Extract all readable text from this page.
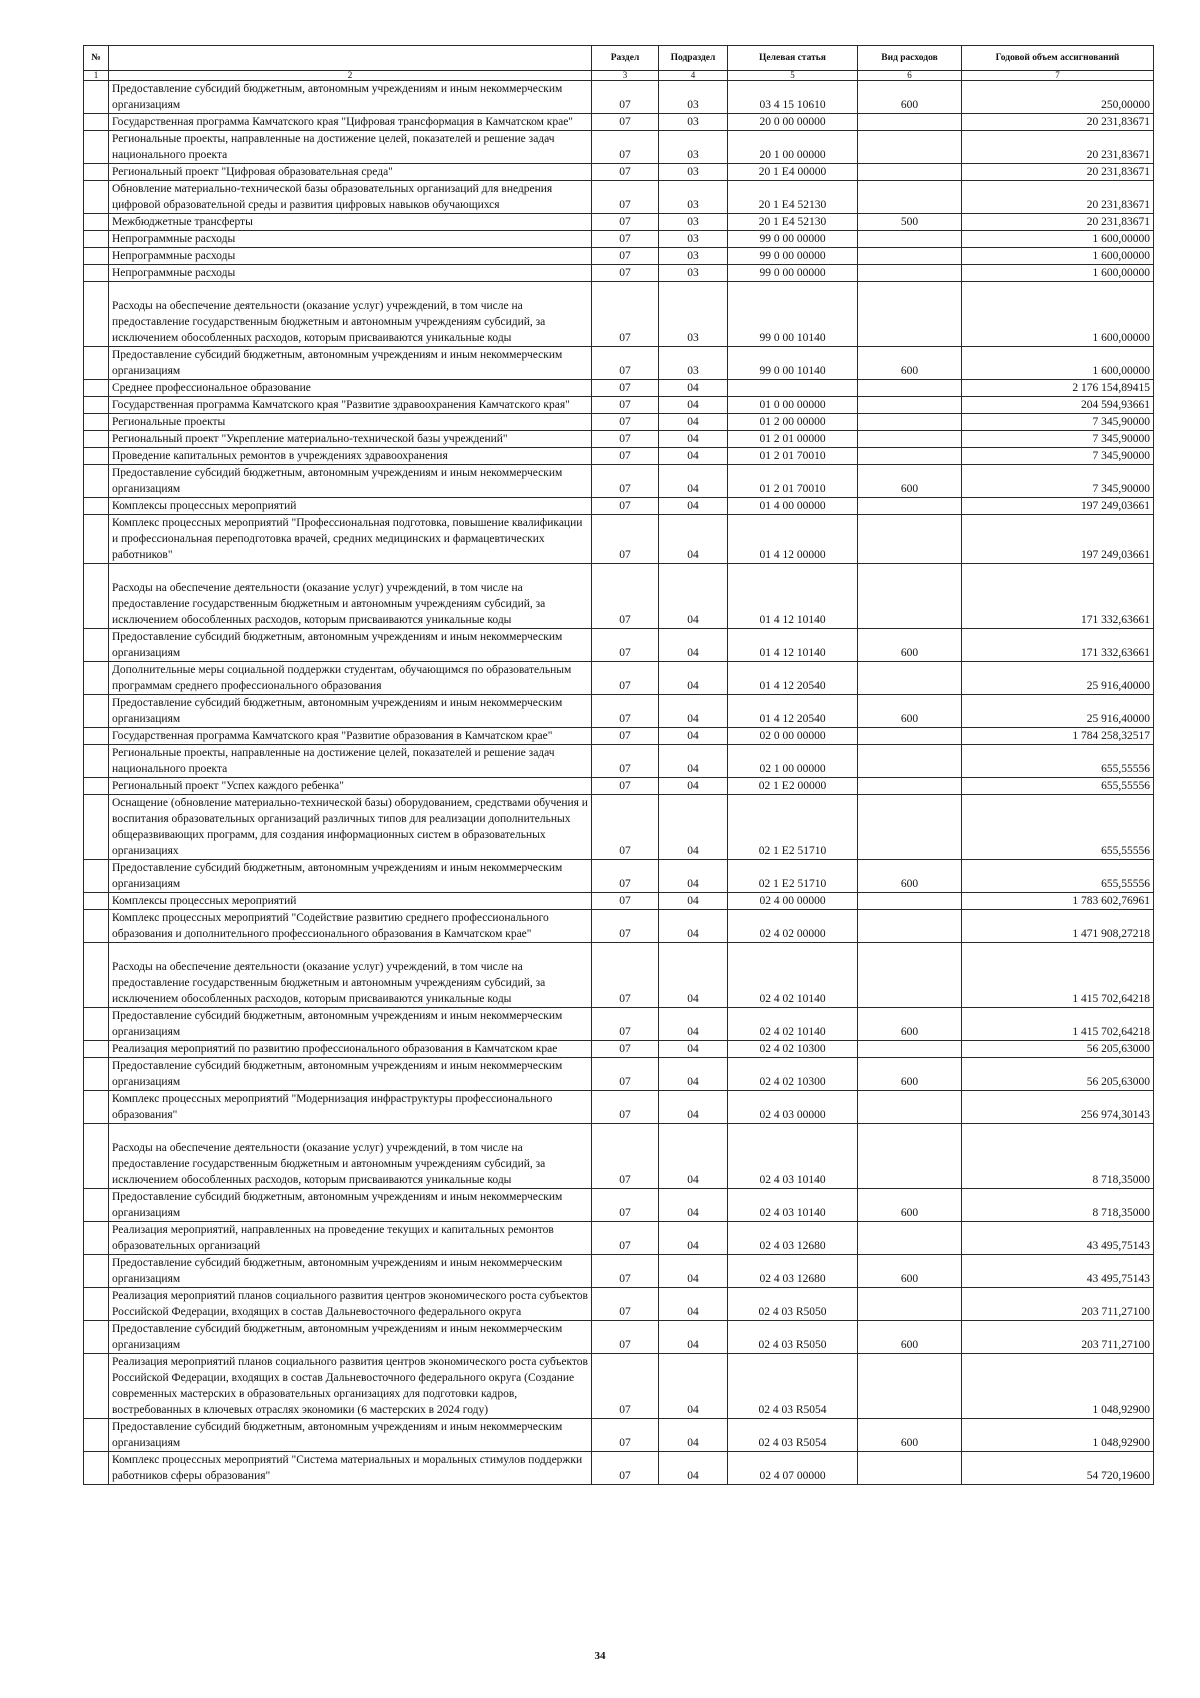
№		Раздел	Подраздел	Целевая статья	Вид расходов	Годовой объем ассигнований
1	2	3	4	5	6	7
	Предоставление субсидий бюджетным, автономным учреждениям и иным некоммерческим организациям	07	03	03 4 15 10610	600	250,00000
	Государственная программа Камчатского края "Цифровая трансформация в Камчатском крае"	07	03	20 0 00 00000		20 231,83671
	Региональные проекты, направленные на достижение целей, показателей и решение задач национального проекта	07	03	20 1 00 00000		20 231,83671
	Региональный проект "Цифровая образовательная среда"	07	03	20 1 Е4 00000		20 231,83671
	Обновление материально-технической базы образовательных организаций для внедрения цифровой образовательной среды и развития цифровых навыков обучающихся	07	03	20 1 Е4 52130		20 231,83671
	Межбюджетные трансферты	07	03	20 1 Е4 52130	500	20 231,83671
	Непрограммные расходы	07	03	99 0 00 00000		1 600,00000
	Непрограммные расходы	07	03	99 0 00 00000		1 600,00000
	Непрограммные расходы	07	03	99 0 00 00000		1 600,00000
	Расходы на обеспечение деятельности (оказание услуг) учреждений, в том числе на предоставление государственным бюджетным и автономным учреждениям субсидий, за исключением обособленных расходов, которым присваиваются уникальные коды	07	03	99 0 00 10140		1 600,00000
	Предоставление субсидий бюджетным, автономным учреждениям и иным некоммерческим организациям	07	03	99 0 00 10140	600	1 600,00000
	Среднее профессиональное образование	07	04			2 176 154,89415
	Государственная программа Камчатского края "Развитие здравоохранения Камчатского края"	07	04	01 0 00 00000		204 594,93661
	Региональные проекты	07	04	01 2 00 00000		7 345,90000
	Региональный проект "Укрепление материально-технической базы учреждений"	07	04	01 2 01 00000		7 345,90000
	Проведение капитальных ремонтов в учреждениях здравоохранения	07	04	01 2 01 70010		7 345,90000
	Предоставление субсидий бюджетным, автономным учреждениям и иным некоммерческим организациям	07	04	01 2 01 70010	600	7 345,90000
	Комплексы процессных мероприятий	07	04	01 4 00 00000		197 249,03661
	Комплекс процессных мероприятий "Профессиональная подготовка, повышение квалификации и профессиональная переподготовка врачей, средних медицинских и фармацевтических работников"	07	04	01 4 12 00000		197 249,03661
	Расходы на обеспечение деятельности (оказание услуг) учреждений, в том числе на предоставление государственным бюджетным и автономным учреждениям субсидий, за исключением обособленных расходов, которым присваиваются уникальные коды	07	04	01 4 12 10140		171 332,63661
	Предоставление субсидий бюджетным, автономным учреждениям и иным некоммерческим организациям	07	04	01 4 12 10140	600	171 332,63661
	Дополнительные меры социальной поддержки студентам, обучающимся по образовательным программам среднего профессионального образования	07	04	01 4 12 20540		25 916,40000
	Предоставление субсидий бюджетным, автономным учреждениям и иным некоммерческим организациям	07	04	01 4 12 20540	600	25 916,40000
	Государственная программа Камчатского края "Развитие образования в Камчатском крае"	07	04	02 0 00 00000		1 784 258,32517
	Региональные проекты, направленные на достижение целей, показателей и решение задач национального проекта	07	04	02 1 00 00000		655,55556
	Региональный проект "Успех каждого ребенка"	07	04	02 1 Е2 00000		655,55556
	Оснащение (обновление материально-технической базы) оборудованием, средствами обучения и воспитания образовательных организаций различных типов для реализации дополнительных общеразвивающих программ, для создания информационных систем в образовательных организациях	07	04	02 1 Е2 51710		655,55556
	Предоставление субсидий бюджетным, автономным учреждениям и иным некоммерческим организациям	07	04	02 1 Е2 51710	600	655,55556
	Комплексы процессных мероприятий	07	04	02 4 00 00000		1 783 602,76961
	Комплекс процессных мероприятий "Содействие развитию среднего профессионального образования и дополнительного профессионального образования в Камчатском крае"	07	04	02 4 02 00000		1 471 908,27218
	Расходы на обеспечение деятельности (оказание услуг) учреждений, в том числе на предоставление государственным бюджетным и автономным учреждениям субсидий, за исключением обособленных расходов, которым присваиваются уникальные коды	07	04	02 4 02 10140		1 415 702,64218
	Предоставление субсидий бюджетным, автономным учреждениям и иным некоммерческим организациям	07	04	02 4 02 10140	600	1 415 702,64218
	Реализация мероприятий по развитию профессионального образования в Камчатском крае	07	04	02 4 02 10300		56 205,63000
	Предоставление субсидий бюджетным, автономным учреждениям и иным некоммерческим организациям	07	04	02 4 02 10300	600	56 205,63000
	Комплекс процессных мероприятий "Модернизация инфраструктуры профессионального образования"	07	04	02 4 03 00000		256 974,30143
	Расходы на обеспечение деятельности (оказание услуг) учреждений, в том числе на предоставление государственным бюджетным и автономным учреждениям субсидий, за исключением обособленных расходов, которым присваиваются уникальные коды	07	04	02 4 03 10140		8 718,35000
	Предоставление субсидий бюджетным, автономным учреждениям и иным некоммерческим организациям	07	04	02 4 03 10140	600	8 718,35000
	Реализация мероприятий, направленных на проведение текущих и капитальных ремонтов образовательных организаций	07	04	02 4 03 12680		43 495,75143
	Предоставление субсидий бюджетным, автономным учреждениям и иным некоммерческим организациям	07	04	02 4 03 12680	600	43 495,75143
	Реализация мероприятий планов социального развития центров экономического роста субъектов Российской Федерации, входящих в состав Дальневосточного федерального округа	07	04	02 4 03 R5050		203 711,27100
	Предоставление субсидий бюджетным, автономным учреждениям и иным некоммерческим организациям	07	04	02 4 03 R5050	600	203 711,27100
	Реализация мероприятий планов социального развития центров экономического роста субъектов Российской Федерации, входящих в состав Дальневосточного федерального округа (Создание современных мастерских в образовательных организациях для подготовки кадров, востребованных в ключевых отраслях экономики (6 мастерских в 2024 году)	07	04	02 4 03 R5054		1 048,92900
	Предоставление субсидий бюджетным, автономным учреждениям и иным некоммерческим организациям	07	04	02 4 03 R5054	600	1 048,92900
	Комплекс процессных мероприятий "Система материальных и моральных стимулов поддержки работников сферы образования"	07	04	02 4 07 00000		54 720,19600
34
